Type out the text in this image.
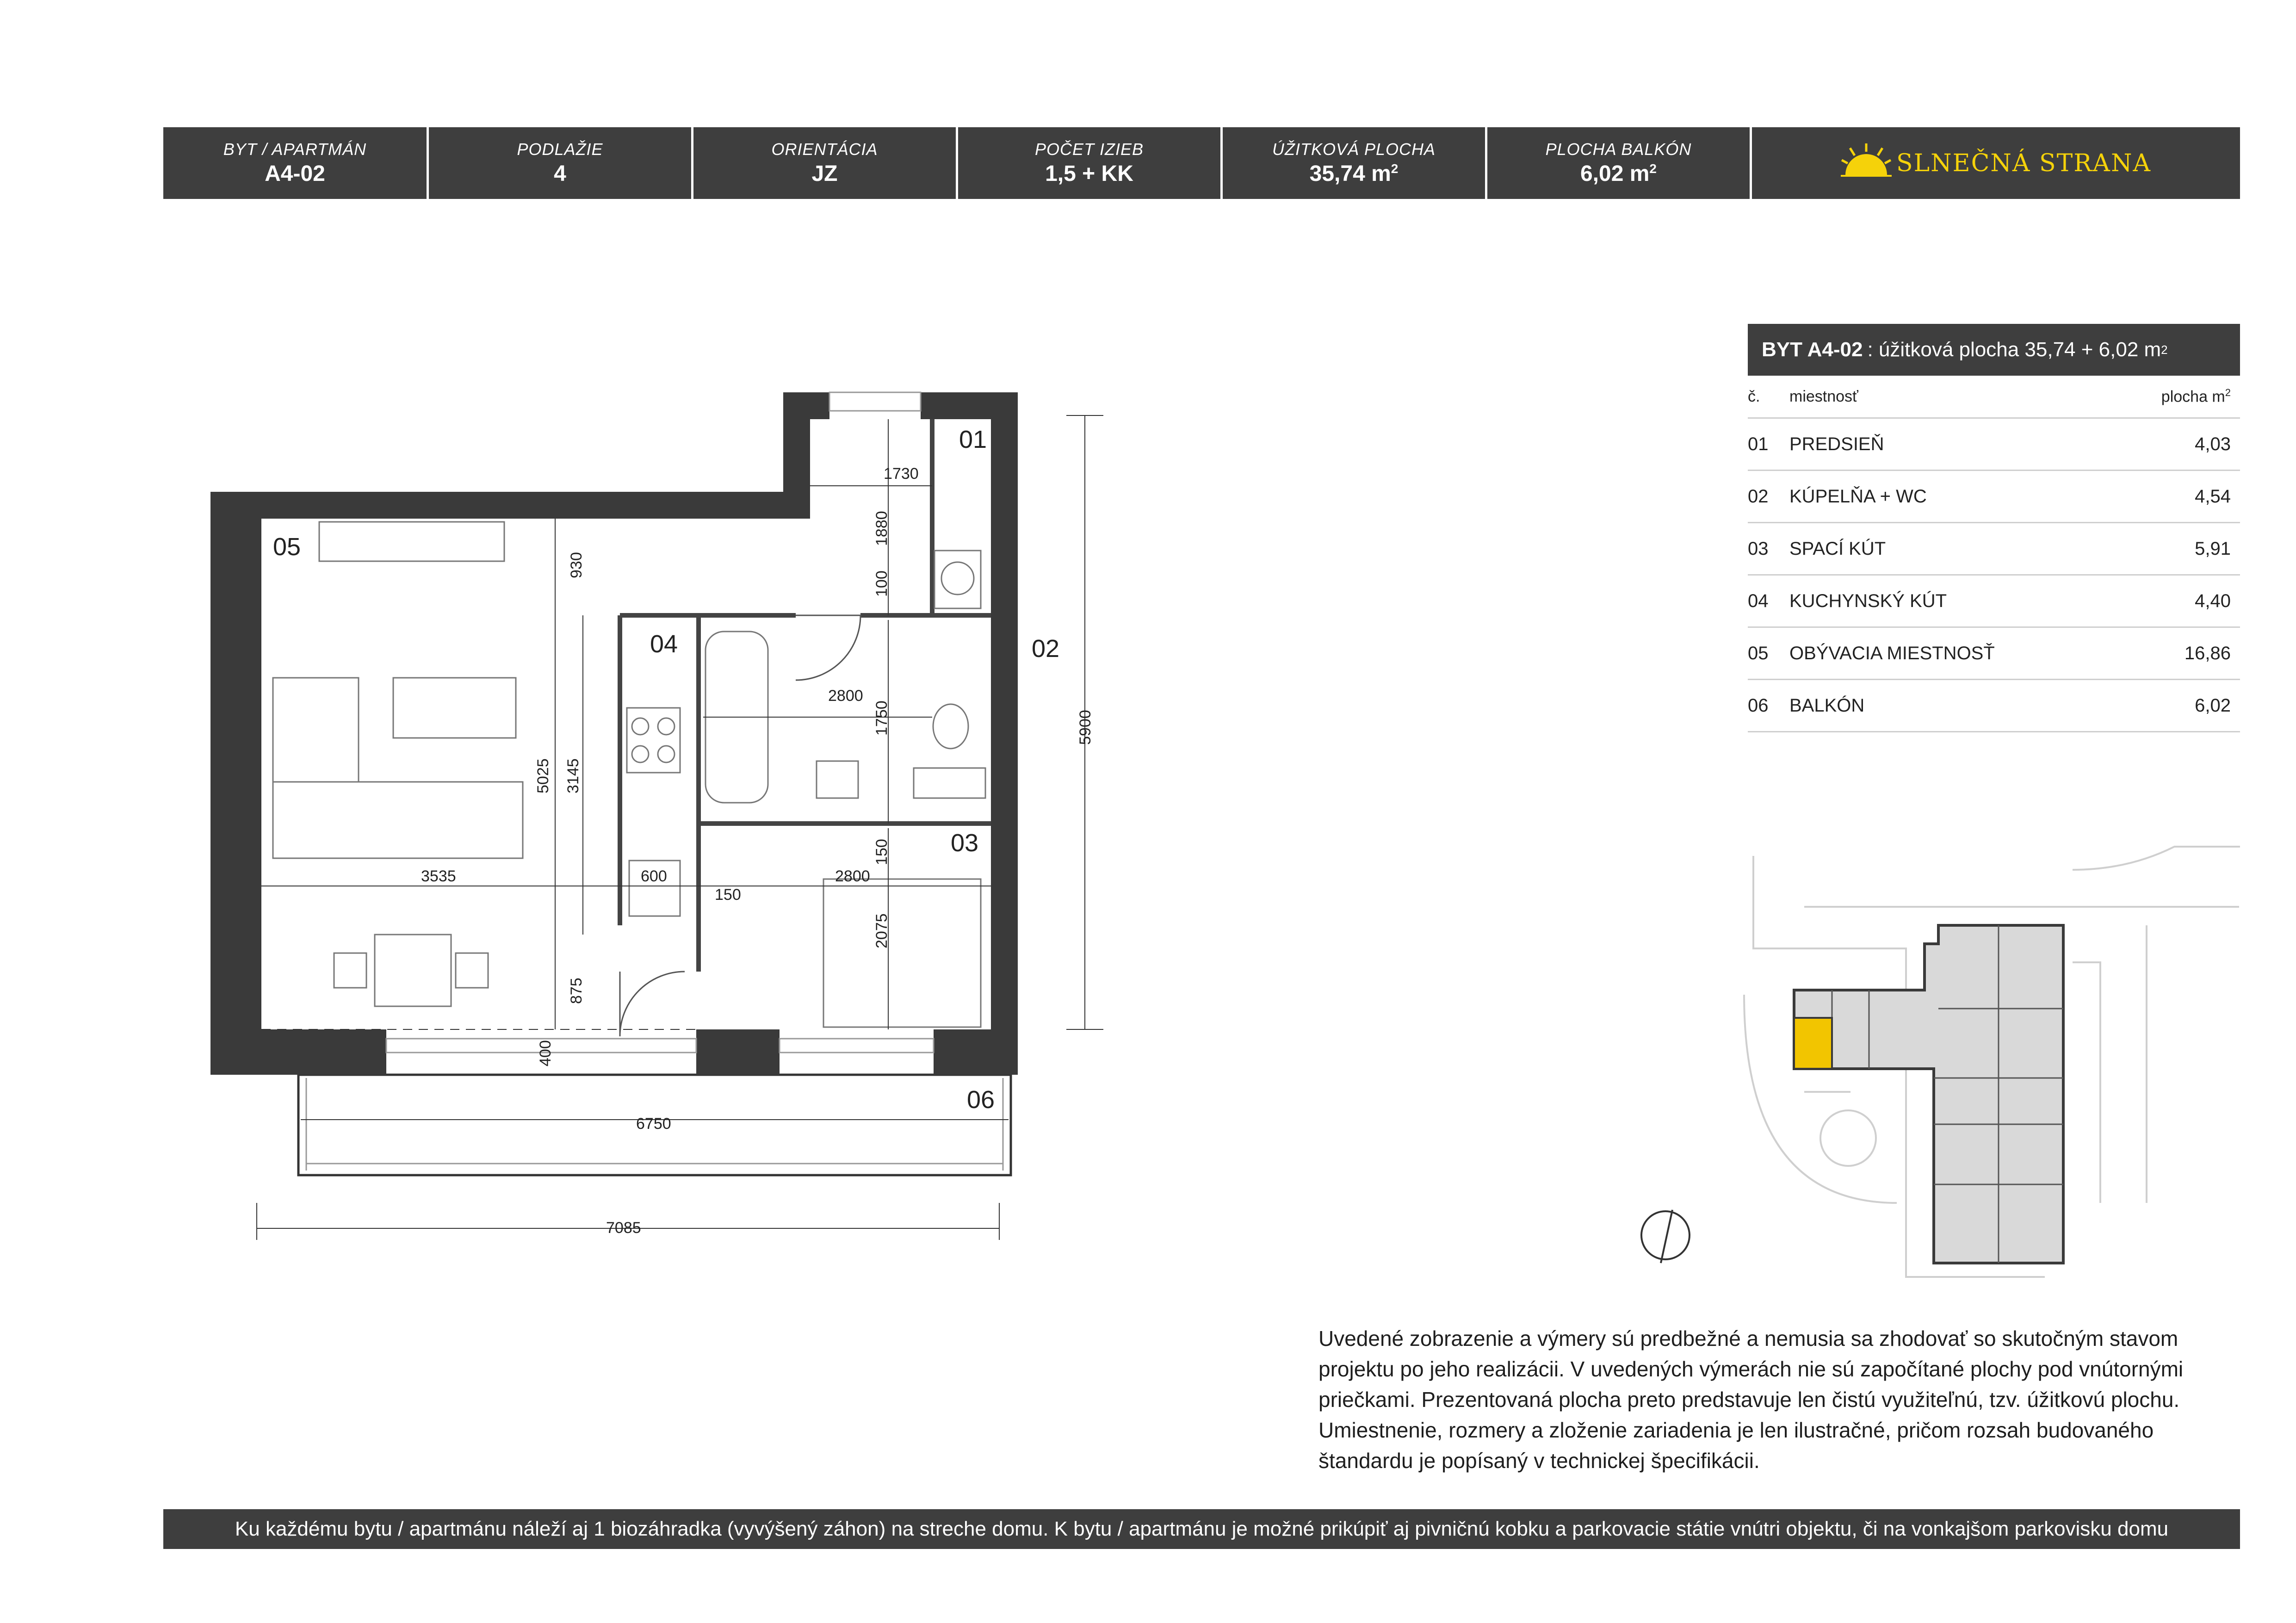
BYT / APARTMÁN
A4-02
PODLAŽIE
4
ORIENTÁCIA
JZ
POČET IZIEB
1,5 + KK
ÚŽITKOVÁ PLOCHA
35,74 $m^2$
PLOCHA BALKÓN
6,02 $m^2$	SLNEČNÁ STRANA
01
02
03
04
05
06
1730
2800
3535	600
150
2800
6750
7085
1880
100
930
1750
5025 3145
150
2075
875
400
5900
BYT A4-02 : úžitková plocha 35,74 + 6,02 m 2
č.	miestnosť	plocha $m^2$
01	PREDSIEŇ	4,03
02	KÚPELŇA + WC	4,54
03	SPACÍ KÚT	5,91
04	KUCHYNSKÝ KÚT	4,40
05	OBÝVACIA MIESTNOSŤ	16,86
06	BALKÓN	6,02
Uvedené zobrazenie a výmery sú predbežné a nemusia sa zhodovať so skutočným stavom projektu po jeho realizácii. V uvedených výmerách nie sú započítané plochy pod vnútornými priečkami. Prezentovaná plocha preto predstavuje len čistú využiteľnú, tzv. úžitkovú plochu. Umiestnenie, rozmery a zloženie zariadenia je len ilustračné, pričom rozsah budovaného štandardu je popísaný v technickej špecifikácii.
Ku každému bytu / apartmánu náleží aj 1 biozáhradka (vyvýšený záhon) na streche domu. K bytu / apartmánu je možné prikúpiť aj pivničnú kobku a parkovacie státie vnútri objektu, či na vonkajšom parkovisku domu
